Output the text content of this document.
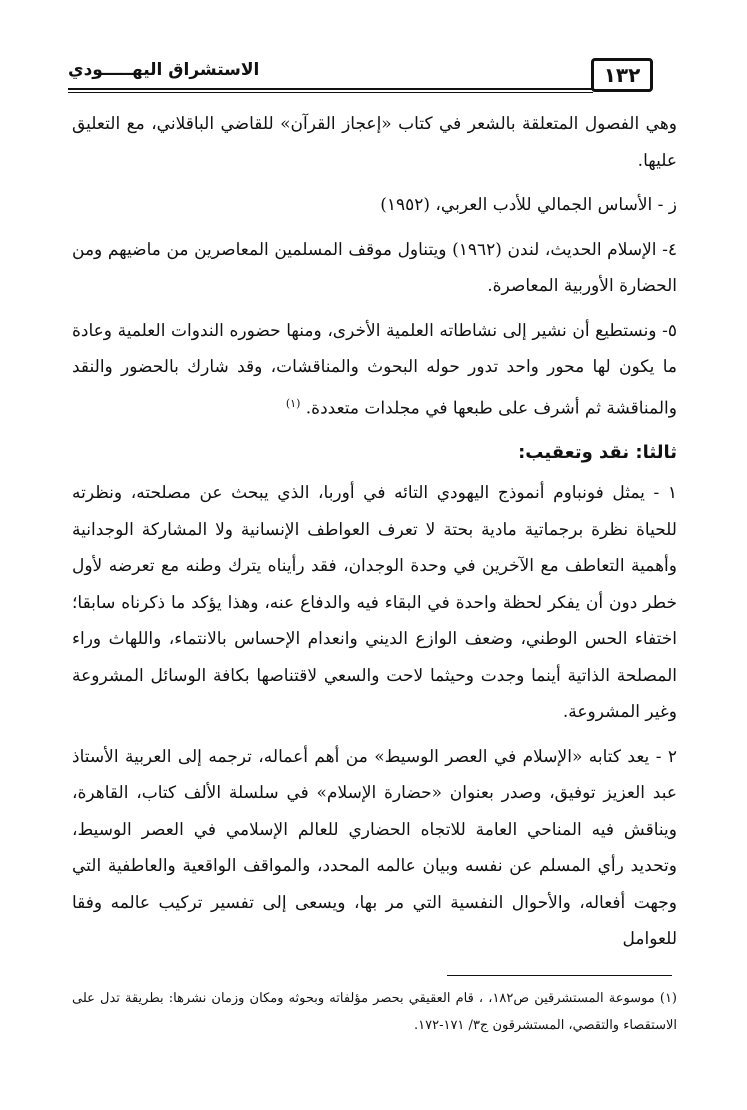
١٣٢
الاستشراق اليهـــــودي

وهي الفصول المتعلقة بالشعر في كتاب «إعجاز القرآن» للقاضي الباقلاني، مع التعليق عليها.

ز - الأساس الجمالي للأدب العربي، (١٩٥٢)

٤- الإسلام الحديث، لندن (١٩٦٢) ويتناول موقف المسلمين المعاصرين من ماضيهم ومن الحضارة الأوربية المعاصرة.

٥- ونستطيع أن نشير إلى نشاطاته العلمية الأخرى، ومنها حضوره الندوات العلمية وعادة ما يكون لها محور واحد تدور حوله البحوث والمناقشات، وقد شارك بالحضور والنقد والمناقشة ثم أشرف على طبعها في مجلدات متعددة. $^{(١)}$

ثالثا: نقد وتعقيب:

١ - يمثل فونباوم أنموذج اليهودي التائه في أوربا، الذي يبحث عن مصلحته، ونظرته للحياة نظرة برجماتية مادية بحتة لا تعرف العواطف الإنسانية ولا المشاركة الوجدانية وأهمية التعاطف مع الآخرين في وحدة الوجدان، فقد رأيناه يترك وطنه مع تعرضه لأول خطر دون أن يفكر لحظة واحدة في البقاء فيه والدفاع عنه، وهذا يؤكد ما ذكرناه سابقا؛ اختفاء الحس الوطني، وضعف الوازع الديني وانعدام الإحساس بالانتماء، واللهاث وراء المصلحة الذاتية أينما وجدت وحيثما لاحت والسعي لاقتناصها بكافة الوسائل المشروعة وغير المشروعة.

٢ - يعد كتابه «الإسلام في العصر الوسيط» من أهم أعماله، ترجمه إلى العربية الأستاذ عبد العزيز توفيق، وصدر بعنوان «حضارة الإسلام» في سلسلة الألف كتاب، القاهرة، ويناقش فيه المناحي العامة للاتجاه الحضاري للعالم الإسلامي في العصر الوسيط، وتحديد رأي المسلم عن نفسه وبيان عالمه المحدد، والمواقف الواقعية والعاطفية التي وجهت أفعاله، والأحوال النفسية التي مر بها، ويسعى إلى تفسير تركيب عالمه وفقا للعوامل

(١) موسوعة المستشرقين ص١٨٢، ، قام العقيقي بحصر مؤلفاته وبحوثه ومكان وزمان نشرها: بطريقة تدل على الاستقصاء والتقصي، المستشرقون ج٣/ ١٧١-١٧٢.
